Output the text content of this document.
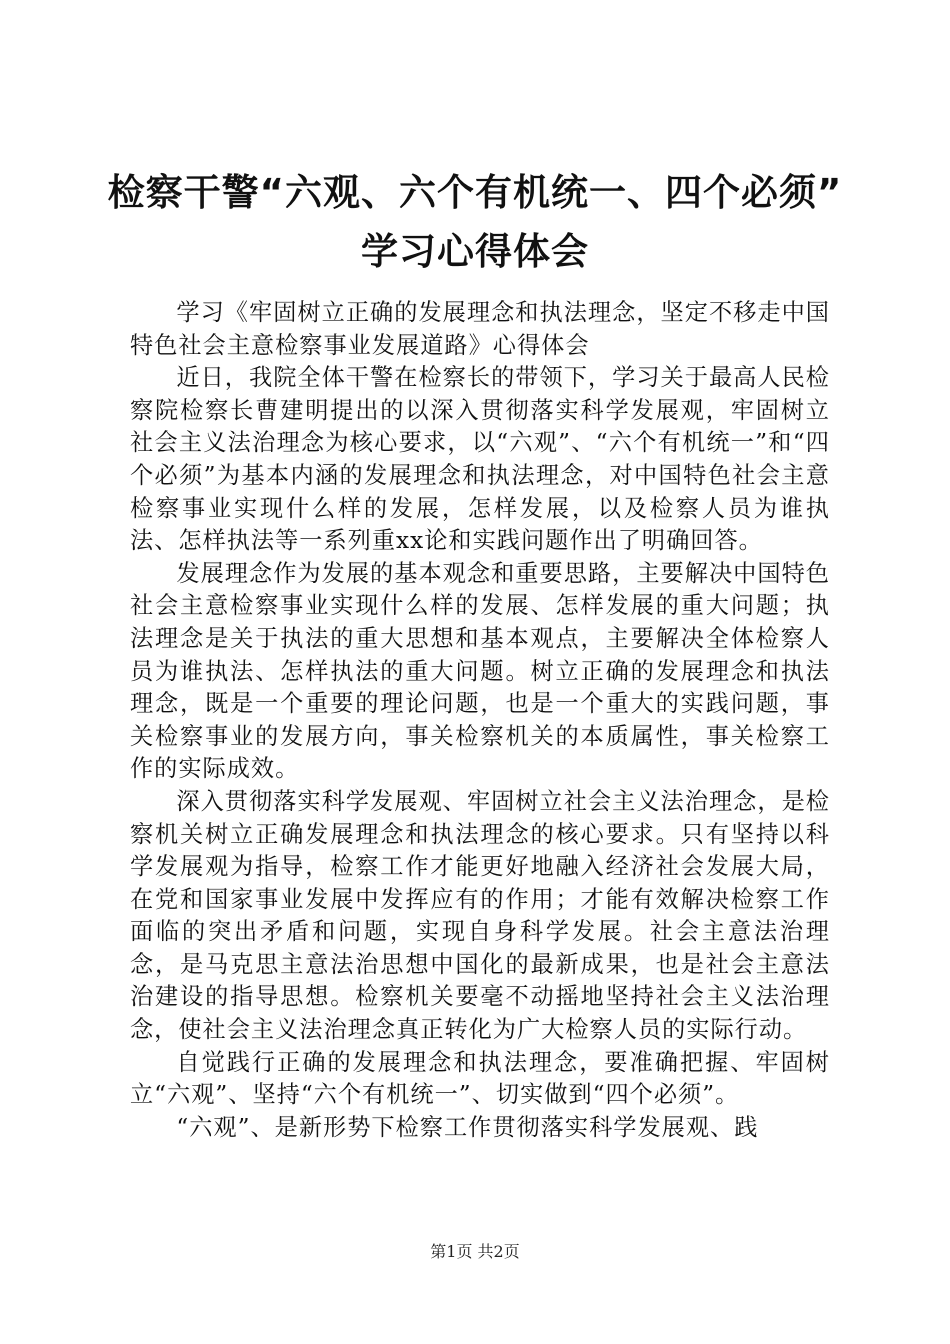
检察干警“六观、六个有机统一、四个必须”
学习心得体会

学习《牢固树立正确的发展理念和执法理念，坚定不移走中国特色社会主意检察事业发展道路》心得体会

近日，我院全体干警在检察长的带领下，学习关于最高人民检察院检察长曹建明提出的以深入贯彻落实科学发展观，牢固树立社会主义法治理念为核心要求，以“六观”、“六个有机统一”和“四个必须”为基本内涵的发展理念和执法理念，对中国特色社会主意检察事业实现什么样的发展，怎样发展，以及检察人员为谁执法、怎样执法等一系列重xx论和实践问题作出了明确回答。

发展理念作为发展的基本观念和重要思路，主要解决中国特色社会主意检察事业实现什么样的发展、怎样发展的重大问题；执法理念是关于执法的重大思想和基本观点，主要解决全体检察人员为谁执法、怎样执法的重大问题。树立正确的发展理念和执法理念，既是一个重要的理论问题，也是一个重大的实践问题，事关检察事业的发展方向，事关检察机关的本质属性，事关检察工作的实际成效。

深入贯彻落实科学发展观、牢固树立社会主义法治理念，是检察机关树立正确发展理念和执法理念的核心要求。只有坚持以科学发展观为指导，检察工作才能更好地融入经济社会发展大局，在党和国家事业发展中发挥应有的作用；才能有效解决检察工作面临的突出矛盾和问题，实现自身科学发展。社会主意法治理念，是马克思主意法治思想中国化的最新成果，也是社会主意法治建设的指导思想。检察机关要毫不动摇地坚持社会主义法治理念，使社会主义法治理念真正转化为广大检察人员的实际行动。

自觉践行正确的发展理念和执法理念，要准确把握、牢固树立“六观”、坚持“六个有机统一”、切实做到“四个必须”。

“六观”、是新形势下检察工作贯彻落实科学发展观、践

第1页 共2页
